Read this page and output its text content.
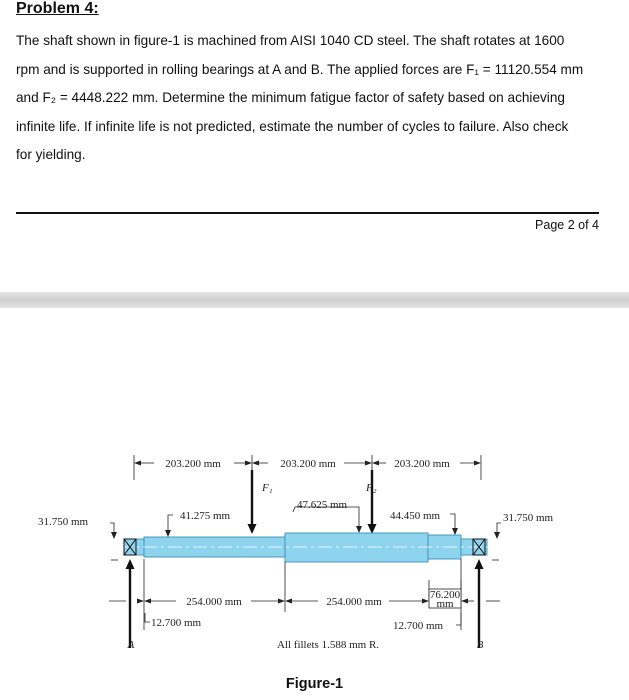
Problem 4:
The shaft shown in figure-1 is machined from AISI 1040 CD steel. The shaft rotates at 1600
rpm and is supported in rolling bearings at A and B. The applied forces are F₁ = 11120.554 mm
and F₂ = 4448.222 mm. Determine the minimum fatigue factor of safety based on achieving
infinite life. If infinite life is not predicted, estimate the number of cycles to failure. Also check
for yielding.
Page 2 of 4
203.200 mm	203.200 mm	203.200 mm
F₁	F₂
31.750 mm	31.750 mm
41.275 mm
47.625 mm
44.450 mm
A	B
254.000 mm	254.000 mm
76.200
mm
12.700 mm	12.700 mm
All fillets 1.588 mm R.
Figure-1
